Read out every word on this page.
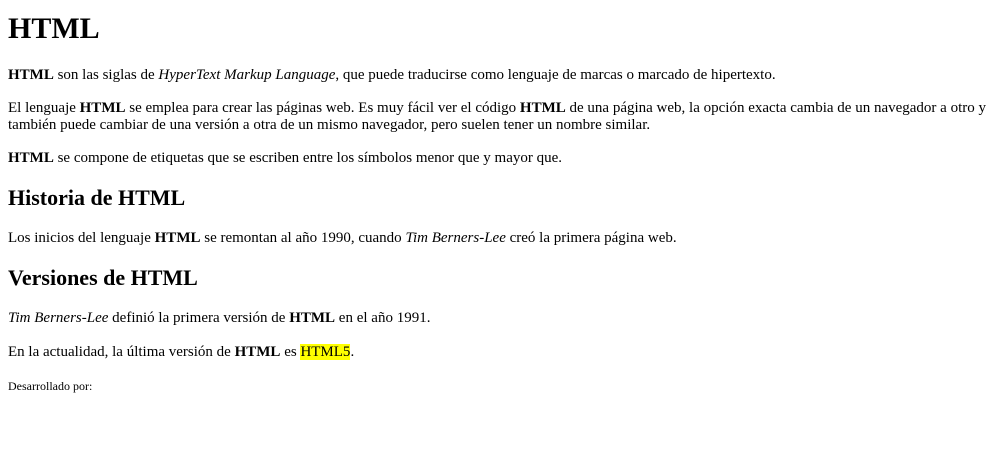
HTML

HTML son las siglas de HyperText Markup Language, que puede traducirse como lenguaje de marcas o marcado de hipertexto.

El lenguaje HTML se emplea para crear las páginas web. Es muy fácil ver el código HTML de una página web, la opción exacta cambia de un navegador a otro y también puede cambiar de una versión a otra de un mismo navegador, pero suelen tener un nombre similar.

HTML se compone de etiquetas que se escriben entre los símbolos menor que y mayor que.

Historia de HTML

Los inicios del lenguaje HTML se remontan al año 1990, cuando Tim Berners-Lee creó la primera página web.

Versiones de HTML

Tim Berners-Lee definió la primera versión de HTML en el año 1991.

En la actualidad, la última versión de HTML es HTML5.

Desarrollado por:
